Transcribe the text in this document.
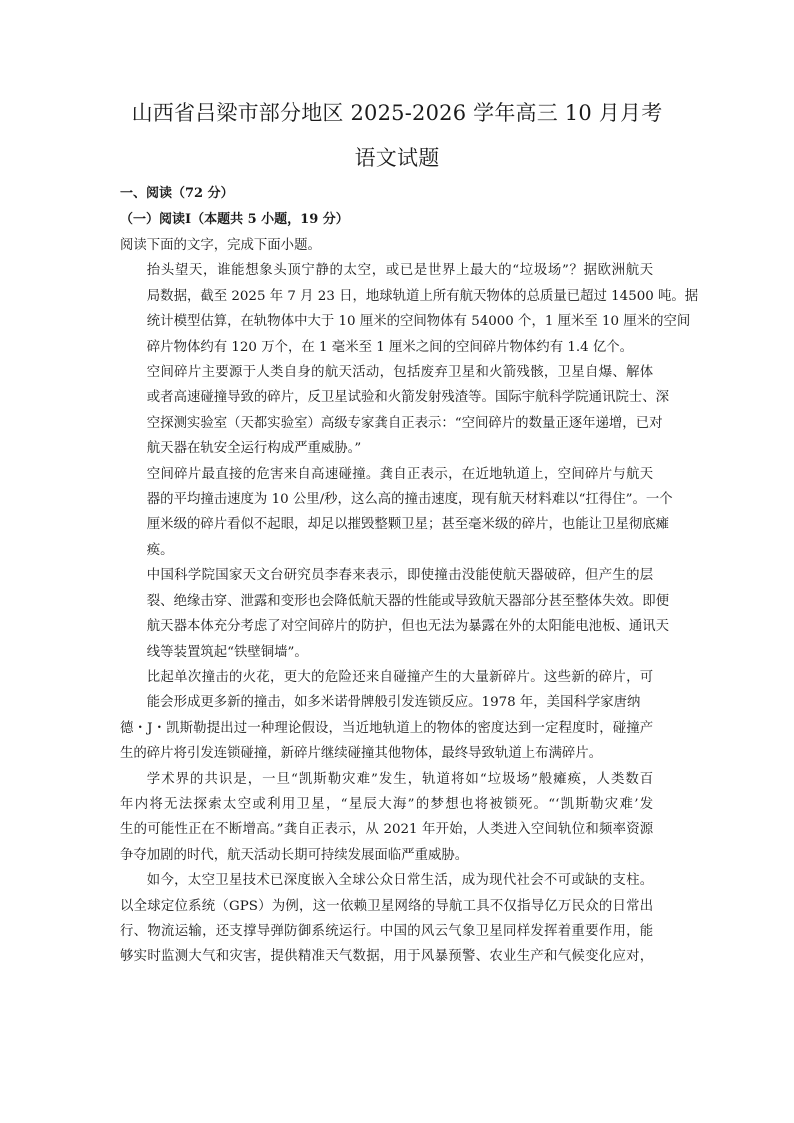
山西省吕梁市部分地区 2025-2026 学年高三 10 月月考
语文试题
一、阅读（72 分）
（一）阅读Ⅰ（本题共 5 小题，19 分）

阅读下面的文字，完成下面小题。

抬头望天，谁能想象头顶宁静的太空，或已是世界上最大的“垃圾场”？据欧洲航天
局数据，截至 2025 年 7 月 23 日，地球轨道上所有航天物体的总质量已超过 14500 吨。据
统计模型估算，在轨物体中大于 10 厘米的空间物体有 54000 个，1 厘米至 10 厘米的空间
碎片物体约有 120 万个，在 1 毫米至 1 厘米之间的空间碎片物体约有 1.4 亿个。

空间碎片主要源于人类自身的航天活动，包括废弃卫星和火箭残骸，卫星自爆、解体
或者高速碰撞导致的碎片，反卫星试验和火箭发射残渣等。国际宇航科学院通讯院士、深
空探测实验室（天都实验室）高级专家龚自正表示：“空间碎片的数量正逐年递增，已对
航天器在轨安全运行构成严重威胁。”

空间碎片最直接的危害来自高速碰撞。龚自正表示，在近地轨道上，空间碎片与航天
器的平均撞击速度为 10 公里/秒，这么高的撞击速度，现有航天材料难以“扛得住”。一个
厘米级的碎片看似不起眼，却足以摧毁整颗卫星；甚至毫米级的碎片，也能让卫星彻底瘫
痪。

中国科学院国家天文台研究员李春来表示，即使撞击没能使航天器破碎，但产生的层
裂、绝缘击穿、泄露和变形也会降低航天器的性能或导致航天器部分甚至整体失效。即便
航天器本体充分考虑了对空间碎片的防护，但也无法为暴露在外的太阳能电池板、通讯天
线等装置筑起“铁壁铜墙”。

比起单次撞击的火花，更大的危险还来自碰撞产生的大量新碎片。这些新的碎片，可
能会形成更多新的撞击，如多米诺骨牌般引发连锁反应。1978 年，美国科学家唐纳
德・J・凯斯勒提出过一种理论假设，当近地轨道上的物体的密度达到一定程度时，碰撞产
生的碎片将引发连锁碰撞，新碎片继续碰撞其他物体，最终导致轨道上布满碎片。

学术界的共识是，一旦“凯斯勒灾难”发生，轨道将如“垃圾场”般瘫痪，人类数百
年内将无法探索太空或利用卫星，“星辰大海”的梦想也将被锁死。“‘凯斯勒灾难’发
生的可能性正在不断增高。”龚自正表示，从 2021 年开始，人类进入空间轨位和频率资源
争夺加剧的时代，航天活动长期可持续发展面临严重威胁。

如今，太空卫星技术已深度嵌入全球公众日常生活，成为现代社会不可或缺的支柱。
以全球定位系统（GPS）为例，这一依赖卫星网络的导航工具不仅指导亿万民众的日常出
行、物流运输，还支撑导弹防御系统运行。中国的风云气象卫星同样发挥着重要作用，能
够实时监测大气和灾害，提供精准天气数据，用于风暴预警、农业生产和气候变化应对，
